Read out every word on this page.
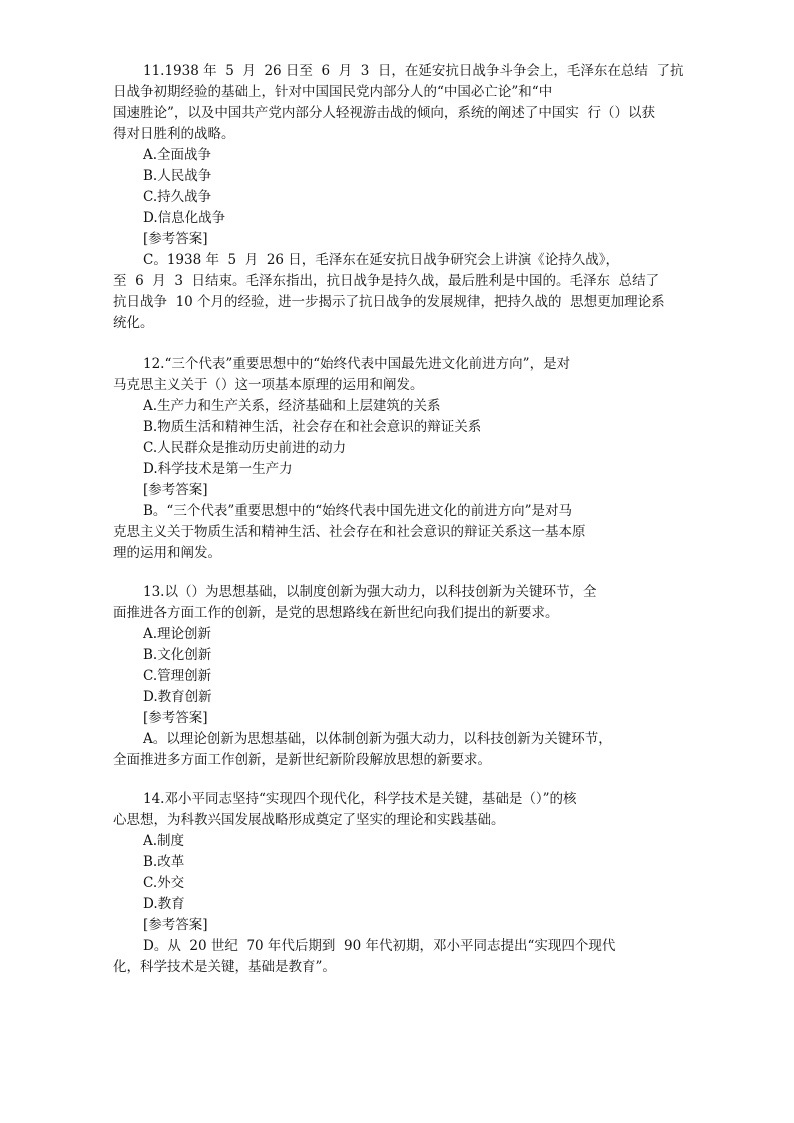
11.1938 年  5  月  26 日至  6  月  3  日，在延安抗日战争斗争会上，毛泽东在总结  了抗
日战争初期经验的基础上，针对中国国民党内部分人的“中国必亡论”和“中
国速胜论”，以及中国共产党内部分人轻视游击战的倾向，系统的阐述了中国实  行（）以获
得对日胜利的战略。
A.全面战争
B.人民战争
C.持久战争
D.信息化战争
[参考答案]
C。1938 年  5  月  26 日，毛泽东在延安抗日战争研究会上讲演《论持久战》，
至  6  月  3  日结束。毛泽东指出，抗日战争是持久战，最后胜利是中国的。毛泽东  总结了
抗日战争  10 个月的经验，进一步揭示了抗日战争的发展规律，把持久战的  思想更加理论系
统化。
12.“三个代表”重要思想中的“始终代表中国最先进文化前进方向”，是对
马克思主义关于（）这一项基本原理的运用和阐发。
A.生产力和生产关系，经济基础和上层建筑的关系
B.物质生活和精神生活，社会存在和社会意识的辩证关系
C.人民群众是推动历史前进的动力
D.科学技术是第一生产力
[参考答案]
B。“三个代表”重要思想中的“始终代表中国先进文化的前进方向”是对马
克思主义关于物质生活和精神生活、社会存在和社会意识的辩证关系这一基本原
理的运用和阐发。
13.以（）为思想基础，以制度创新为强大动力，以科技创新为关键环节，全
面推进各方面工作的创新，是党的思想路线在新世纪向我们提出的新要求。
A.理论创新
B.文化创新
C.管理创新
D.教育创新
[参考答案]
A。以理论创新为思想基础，以体制创新为强大动力，以科技创新为关键环节，
全面推进多方面工作创新，是新世纪新阶段解放思想的新要求。
14.邓小平同志坚持“实现四个现代化，科学技术是关键，基础是（）”的核
心思想，为科教兴国发展战略形成奠定了坚实的理论和实践基础。
A.制度
B.改革
C.外交
D.教育
[参考答案]
D。从  20 世纪  70 年代后期到  90 年代初期，邓小平同志提出“实现四个现代
化，科学技术是关键，基础是教育”。
